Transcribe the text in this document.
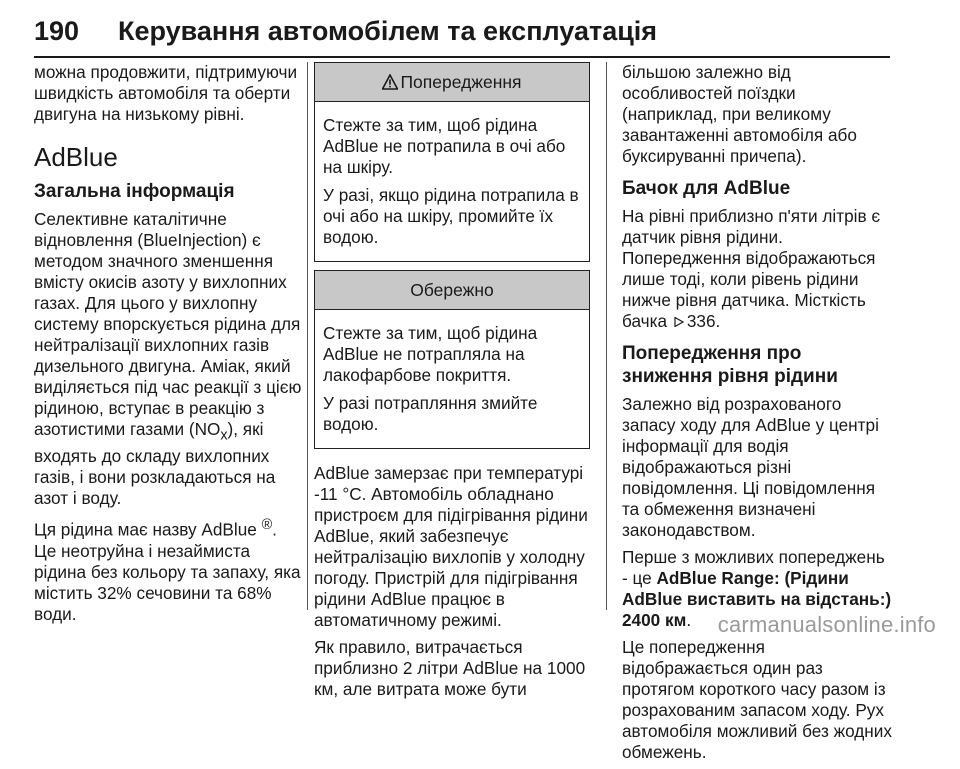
190 Керування автомобілем та експлуатація

можна продовжити, підтримуючи швидкість автомобіля та оберти двигуна на низькому рівні.

AdBlue
Загальна інформація

Селективне каталітичне відновлення (BlueInjection) є методом значного зменшення вмісту окисів азоту у вихлопних газах. Для цього у вихлопну систему впорскується рідина для нейтралізації вихлопних газів дизельного двигуна. Аміак, який виділяється під час реакції з цією рідиною, вступає в реакцію з азотистими газами $(NO_x)$, які входять до складу вихлопних газів, і вони розкладаються на азот і воду.

Ця рідина має назву AdBlue ®. Це неотруйна і незаймиста рідина без кольору та запаху, яка містить 32% сечовини та 68% води.

Попередження

Стежте за тим, щоб рідина AdBlue не потрапила в очі або на шкіру.

У разі, якщо рідина потрапила в очі або на шкіру, промийте їх водою.

Обережно

Стежте за тим, щоб рідина AdBlue не потрапляла на лакофарбове покриття.

У разі потрапляння змийте водою.

AdBlue замерзає при температурі -11 °C. Автомобіль обладнано пристроєм для підігрівання рідини AdBlue, який забезпечує нейтралізацію вихлопів у холодну погоду. Пристрій для підігрівання рідини AdBlue працює в автоматичному режимі.

Як правило, витрачається приблизно 2 літри AdBlue на 1000 км, але витрата може бути

більшою залежно від особливостей поїздки (наприклад, при великому завантаженні автомобіля або буксируванні причепа).

Бачок для AdBlue

На рівні приблизно п'яти літрів є датчик рівня рідини. Попередження відображаються лише тоді, коли рівень рідини нижче рівня датчика. Місткість бачка 336.

Попередження про зниження рівня рідини

Залежно від розрахованого запасу ходу для AdBlue у центрі інформації для водія відображаються різні повідомлення. Ці повідомлення та обмеження визначені законодавством.

Перше з можливих попереджень - це AdBlue Range: (Рідини AdBlue виставить на відстань:) 2400 км.

Це попередження відображається один раз протягом короткого часу разом із розрахованим запасом ходу. Рух автомобіля можливий без жодних обмежень.

carmanualsonline.info
